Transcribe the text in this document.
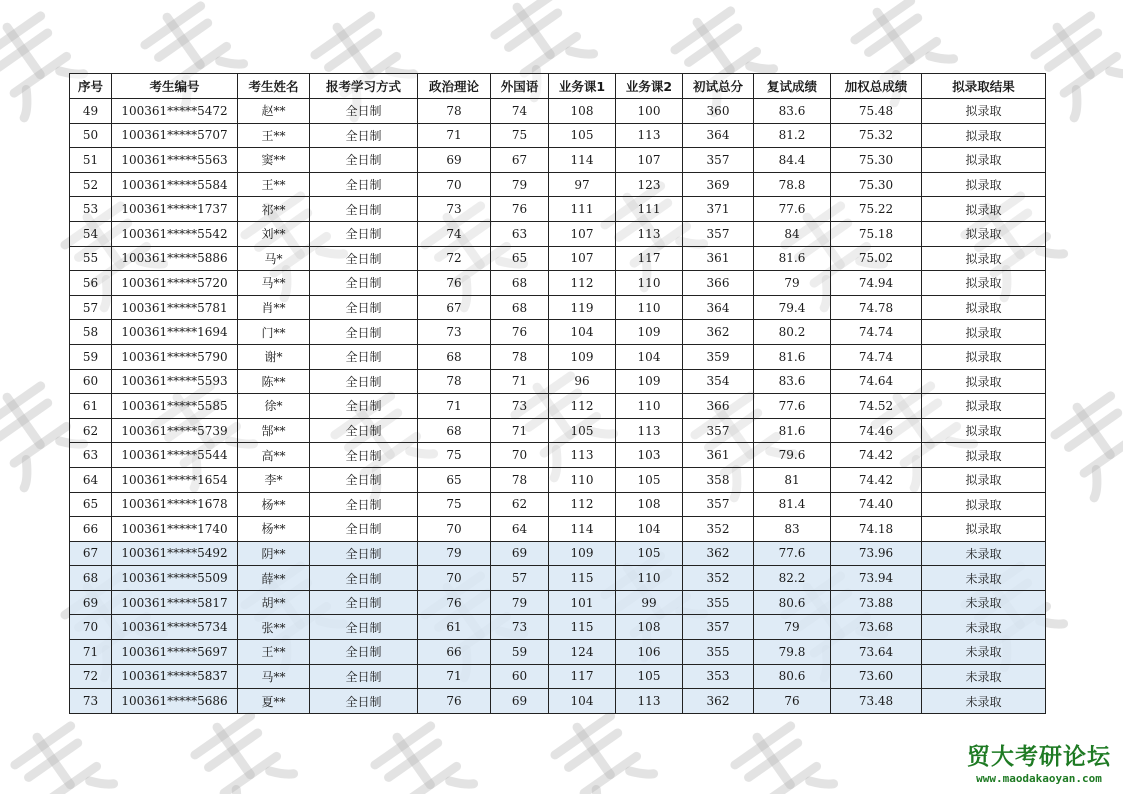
序号	考生编号	考生姓名	报考学习方式	政治理论	外国语	业务课1	业务课2	初试总分	复试成绩	加权总成绩	拟录取结果
49	100361*****5472	赵**	全日制	78	74	108	100	360	83.6	75.48	拟录取
50	100361*****5707	王**	全日制	71	75	105	113	364	81.2	75.32	拟录取
51	100361*****5563	窦**	全日制	69	67	114	107	357	84.4	75.30	拟录取
52	100361*****5584	王**	全日制	70	79	97	123	369	78.8	75.30	拟录取
53	100361*****1737	祁**	全日制	73	76	111	111	371	77.6	75.22	拟录取
54	100361*****5542	刘**	全日制	74	63	107	113	357	84	75.18	拟录取
55	100361*****5886	马*	全日制	72	65	107	117	361	81.6	75.02	拟录取
56	100361*****5720	马**	全日制	76	68	112	110	366	79	74.94	拟录取
57	100361*****5781	肖**	全日制	67	68	119	110	364	79.4	74.78	拟录取
58	100361*****1694	门**	全日制	73	76	104	109	362	80.2	74.74	拟录取
59	100361*****5790	谢*	全日制	68	78	109	104	359	81.6	74.74	拟录取
60	100361*****5593	陈**	全日制	78	71	96	109	354	83.6	74.64	拟录取
61	100361*****5585	徐*	全日制	71	73	112	110	366	77.6	74.52	拟录取
62	100361*****5739	郜**	全日制	68	71	105	113	357	81.6	74.46	拟录取
63	100361*****5544	高**	全日制	75	70	113	103	361	79.6	74.42	拟录取
64	100361*****1654	李*	全日制	65	78	110	105	358	81	74.42	拟录取
65	100361*****1678	杨**	全日制	75	62	112	108	357	81.4	74.40	拟录取
66	100361*****1740	杨**	全日制	70	64	114	104	352	83	74.18	拟录取
67	100361*****5492	阴**	全日制	79	69	109	105	362	77.6	73.96	未录取
68	100361*****5509	薛**	全日制	70	57	115	110	352	82.2	73.94	未录取
69	100361*****5817	胡**	全日制	76	79	101	99	355	80.6	73.88	未录取
70	100361*****5734	张**	全日制	61	73	115	108	357	79	73.68	未录取
71	100361*****5697	王**	全日制	66	59	124	106	355	79.8	73.64	未录取
72	100361*****5837	马**	全日制	71	60	117	105	353	80.6	73.60	未录取
73	100361*****5686	夏**	全日制	76	69	104	113	362	76	73.48	未录取
贸大考研论坛
www.maodakaoyan.com
